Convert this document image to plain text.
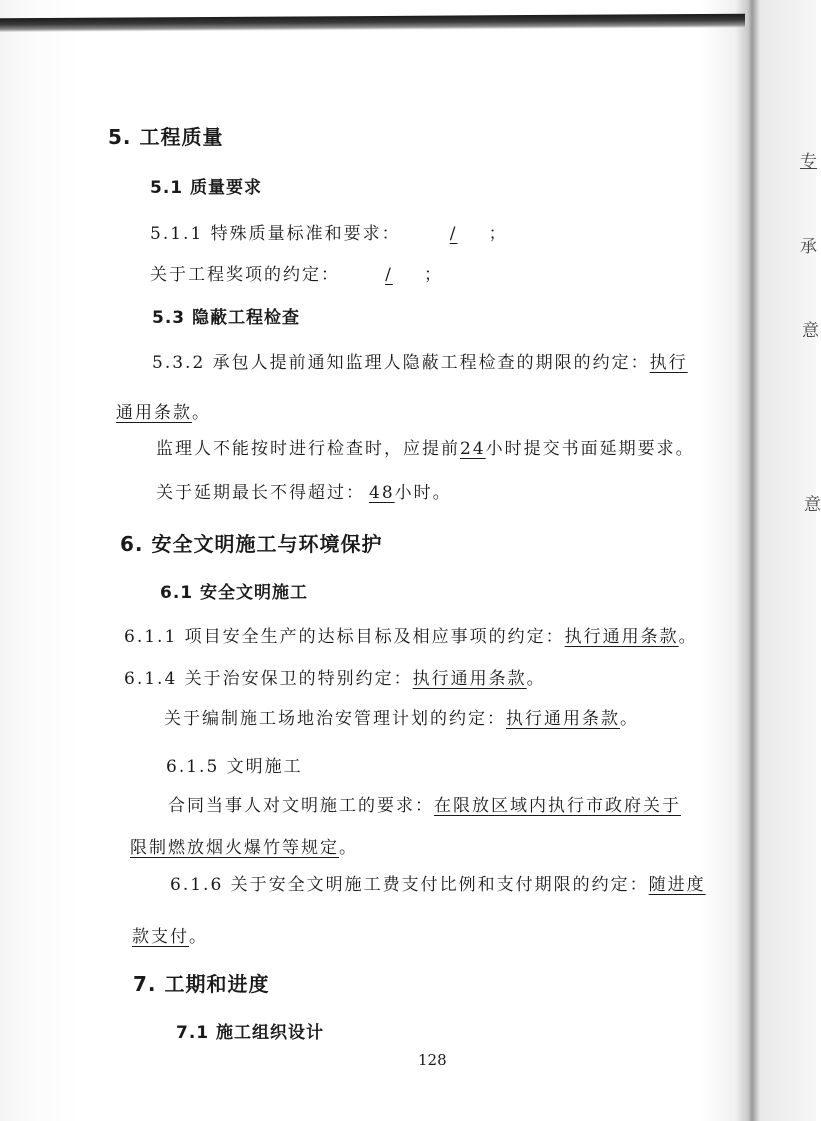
5. 工程质量
5.1 质量要求
5.1.1 特殊质量标准和要求：	/ ；
关于工程奖项的约定：	/ ；
5.3 隐蔽工程检查
5.3.2 承包人提前通知监理人隐蔽工程检查的期限的约定：执行
通用条款。
监理人不能按时进行检查时，应提前24小时提交书面延期要求。
关于延期最长不得超过： 48小时。
6. 安全文明施工与环境保护
6.1 安全文明施工
6.1.1 项目安全生产的达标目标及相应事项的约定：执行通用条款。
6.1.4 关于治安保卫的特别约定：执行通用条款。
关于编制施工场地治安管理计划的约定：执行通用条款。
6.1.5 文明施工
合同当事人对文明施工的要求：在限放区域内执行市政府关于
限制燃放烟火爆竹等规定。
6.1.6 关于安全文明施工费支付比例和支付期限的约定：随进度
款支付。
7. 工期和进度
7.1 施工组织设计
128
专
承
意
意
